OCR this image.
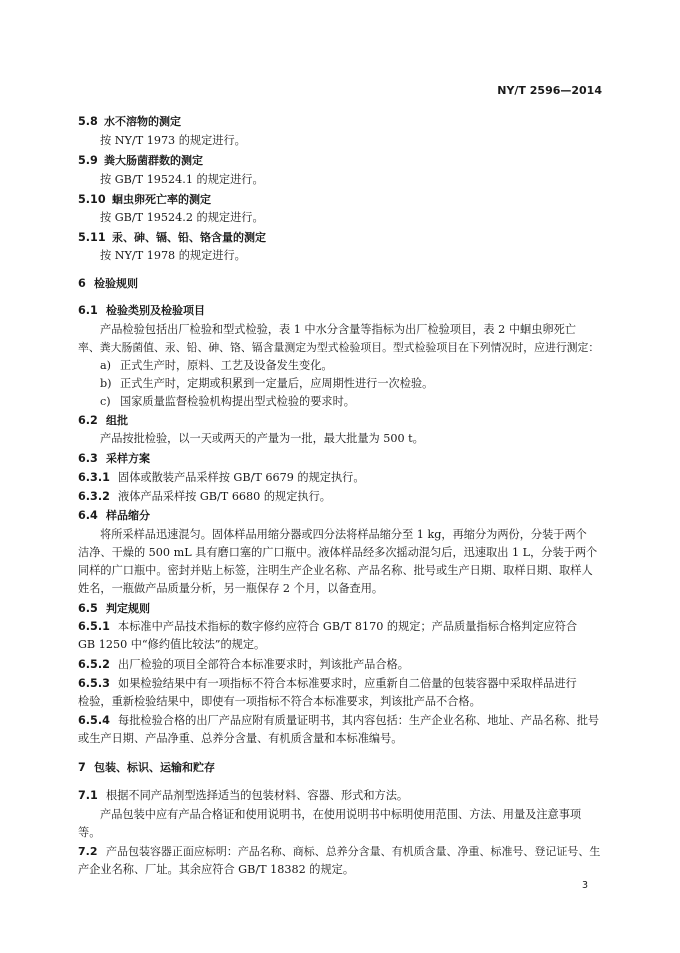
NY/T 2596—2014
5.8 水不溶物的测定
按 NY/T 1973 的规定进行。
5.9 粪大肠菌群数的测定
按 GB/T 19524.1 的规定进行。
5.10 蛔虫卵死亡率的测定
按 GB/T 19524.2 的规定进行。
5.11 汞、砷、镉、铅、铬含量的测定
按 NY/T 1978 的规定进行。
6 检验规则
6.1 检验类别及检验项目
产品检验包括出厂检验和型式检验，表 1 中水分含量等指标为出厂检验项目，表 2 中蛔虫卵死亡
率、粪大肠菌值、汞、铅、砷、铬、镉含量测定为型式检验项目。型式检验项目在下列情况时，应进行测定：
a) 正式生产时，原料、工艺及设备发生变化。
b) 正式生产时，定期或积累到一定量后，应周期性进行一次检验。
c) 国家质量监督检验机构提出型式检验的要求时。
6.2 组批
产品按批检验，以一天或两天的产量为一批，最大批量为 500 t。
6.3 采样方案
6.3.1 固体或散装产品采样按 GB/T 6679 的规定执行。
6.3.2 液体产品采样按 GB/T 6680 的规定执行。
6.4 样品缩分
将所采样品迅速混匀。固体样品用缩分器或四分法将样品缩分至 1 kg，再缩分为两份，分装于两个
洁净、干燥的 500 mL 具有磨口塞的广口瓶中。液体样品经多次摇动混匀后，迅速取出 1 L，分装于两个
同样的广口瓶中。密封并贴上标签，注明生产企业名称、产品名称、批号或生产日期、取样日期、取样人
姓名，一瓶做产品质量分析，另一瓶保存 2 个月，以备查用。
6.5 判定规则
6.5.1 本标准中产品技术指标的数字修约应符合 GB/T 8170 的规定；产品质量指标合格判定应符合
GB 1250 中“修约值比较法”的规定。
6.5.2 出厂检验的项目全部符合本标准要求时，判该批产品合格。
6.5.3 如果检验结果中有一项指标不符合本标准要求时，应重新自二倍量的包装容器中采取样品进行
检验，重新检验结果中，即使有一项指标不符合本标准要求，判该批产品不合格。
6.5.4 每批检验合格的出厂产品应附有质量证明书，其内容包括：生产企业名称、地址、产品名称、批号
或生产日期、产品净重、总养分含量、有机质含量和本标准编号。
7 包装、标识、运输和贮存
7.1 根据不同产品剂型选择适当的包装材料、容器、形式和方法。
产品包装中应有产品合格证和使用说明书，在使用说明书中标明使用范围、方法、用量及注意事项
等。
7.2 产品包装容器正面应标明：产品名称、商标、总养分含量、有机质含量、净重、标准号、登记证号、生
产企业名称、厂址。其余应符合 GB/T 18382 的规定。
3
